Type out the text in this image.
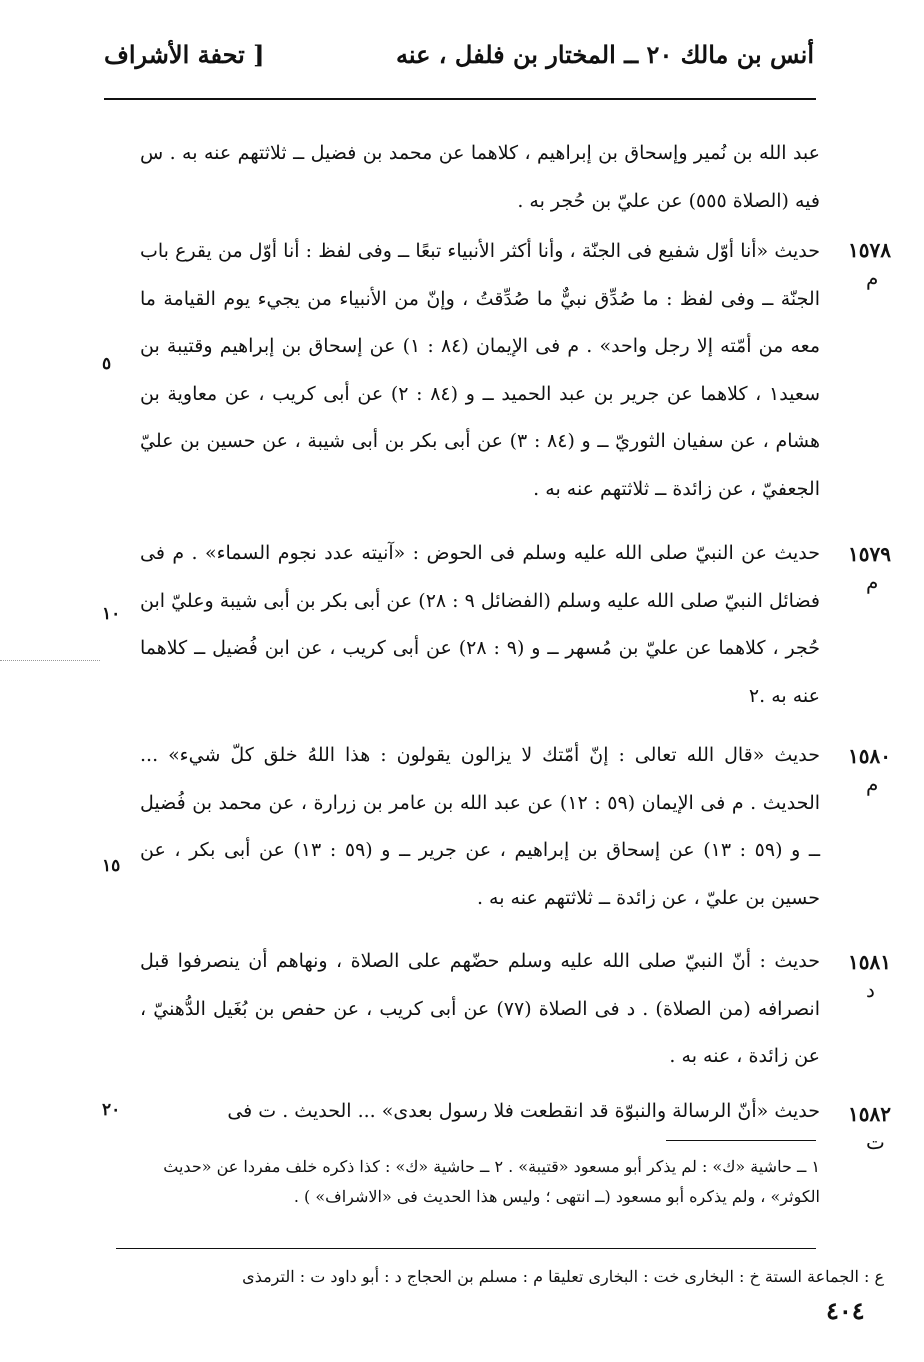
أنس بن مالك ٢٠ ــ المختار بن فلفل ، عنه
[ تحفة الأشراف
عبد الله بن نُمير وإسحاق بن إبراهيم ، كلاهما عن محمد بن فضيل ــ ثلاثتهم عنه به . س فيه (الصلاة ٥٥٥) عن عليّ بن حُجر به .
١٥٧٨
م
حديث «أنا أوّل شفيع فى الجنّة ، وأنا أكثر الأنبياء تبعًا ــ وفى لفظ : أنا أوّل من يقرع باب الجنّة ــ وفى لفظ : ما صُدِّق نبيٌّ ما صُدِّقتُ ، وإنّ من الأنبياء من يجيء يوم القيامة ما معه من أمّته إلا رجل واحد» . م فى الإيمان (٨٤ : ١) عن إسحاق بن إبراهيم وقتيبة بن سعيد١ ، كلاهما عن جرير بن عبد الحميد ــ و (٨٤ : ٢) عن أبى كريب ، عن معاوية بن هشام ، عن سفيان الثوريّ ــ و (٨٤ : ٣) عن أبى بكر بن أبى شيبة ، عن حسين بن عليّ الجعفيّ ، عن زائدة ــ ثلاثتهم عنه به .
١٥٧٩
م
حديث عن النبيّ صلى الله عليه وسلم فى الحوض : «آنيته عدد نجوم السماء» . م فى فضائل النبيّ صلى الله عليه وسلم (الفضائل ٩ : ٢٨) عن أبى بكر بن أبى شيبة وعليّ ابن حُجر ، كلاهما عن عليّ بن مُسهر ــ و (٩ : ٢٨) عن أبى كريب ، عن ابن فُضيل ــ كلاهما عنه به .٢
١٥٨٠
م
حديث «قال الله تعالى : إنّ أمّتك لا يزالون يقولون : هذا اللهُ خلق كلّ شيء» ... الحديث . م فى الإيمان (٥٩ : ١٢) عن عبد الله بن عامر بن زرارة ، عن محمد بن فُضيل ــ و (٥٩ : ١٣) عن إسحاق بن إبراهيم ، عن جرير ــ و (٥٩ : ١٣) عن أبى بكر ، عن حسين بن عليّ ، عن زائدة ــ ثلاثتهم عنه به .
١٥٨١
د
حديث : أنّ النبيّ صلى الله عليه وسلم حضّهم على الصلاة ، ونهاهم أن ينصرفوا قبل انصرافه (من الصلاة) . د فى الصلاة (٧٧) عن أبى كريب ، عن حفص بن بُغَيل الدُّهنيّ ، عن زائدة ، عنه به .
١٥٨٢
ت
حديث «أنّ الرسالة والنبوّة قد انقطعت فلا رسول بعدى» ... الحديث . ت فى
٥
١٠
١٥
٢٠
١ ــ حاشية «ك» : لم يذكر أبو مسعود «قتيبة» . ٢ ــ حاشية «ك» : كذا ذكره خلف مفردا عن «حديث
الكوثر» ، ولم يذكره أبو مسعود (ــ انتهى ؛ وليس هذا الحديث فى «الاشراف» ) .
ع : الجماعة الستة خ : البخارى خت : البخارى تعليقا م : مسلم بن الحجاج د : أبو داود ت : الترمذى
٤٠٤
